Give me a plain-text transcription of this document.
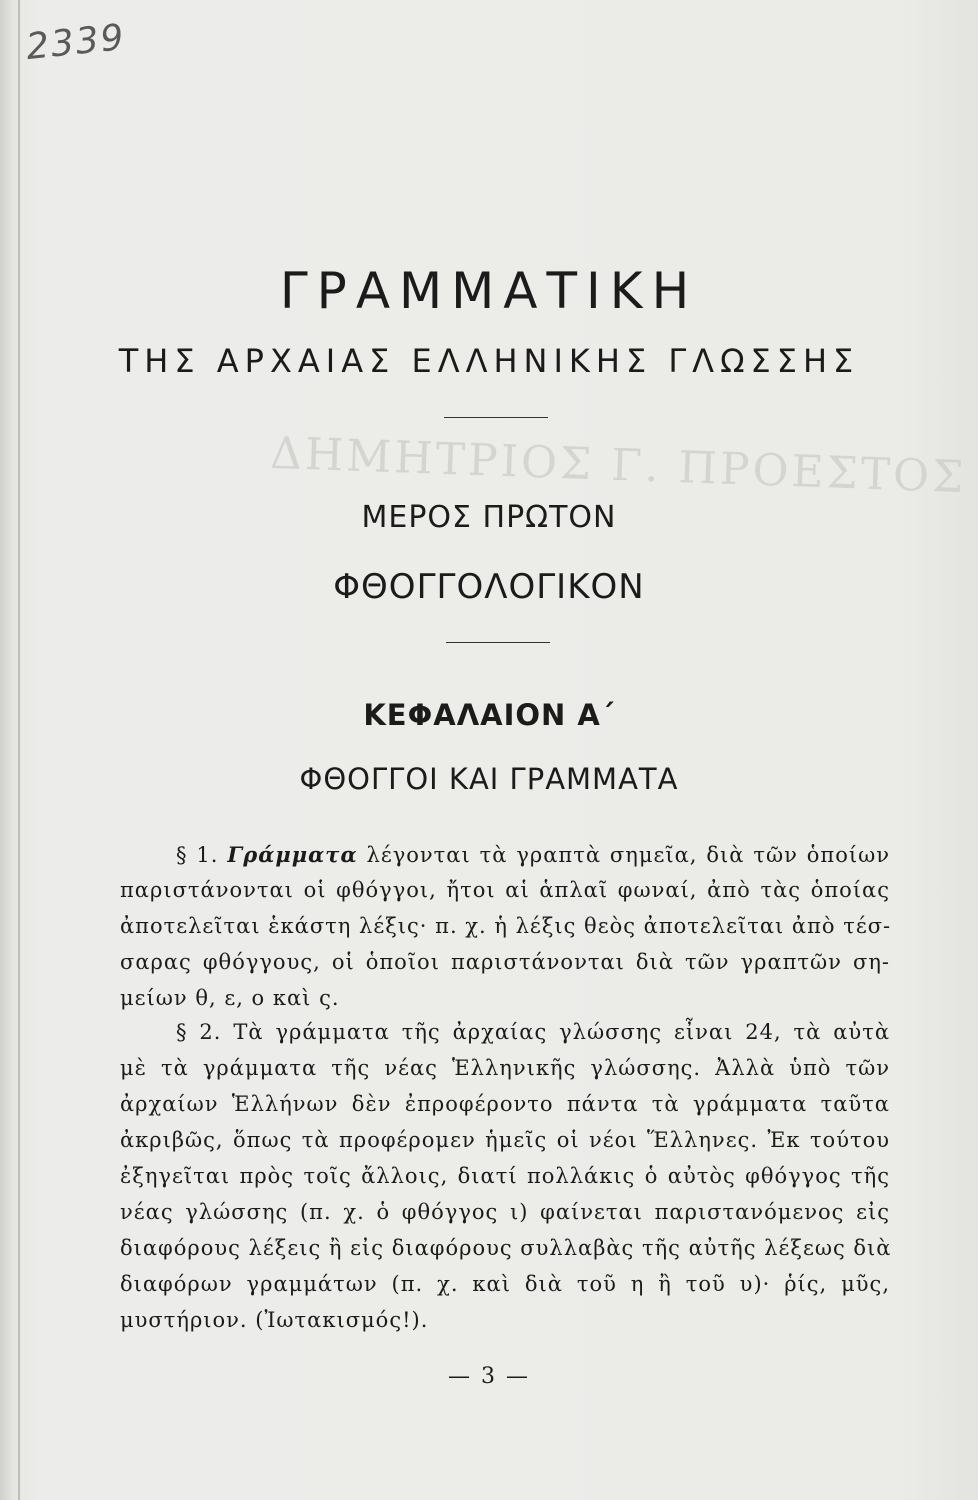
2339
ΔΗΜΗΤΡΙΟΣ Γ. ΠΡΟΕΣΤΟΣ
ΓΡΑΜΜΑΤΙΚΗ
ΤΗΣ ΑΡΧΑΙΑΣ ΕΛΛΗΝΙΚΗΣ ΓΛΩΣΣΗΣ
ΜΕΡΟΣ ΠΡΩΤΟΝ
ΦΘΟΓΓΟΛΟΓΙΚΟΝ
ΚΕΦΑΛΑΙΟΝ Α΄
ΦΘΟΓΓΟΙ ΚΑΙ ΓΡΑΜΜΑΤΑ
§ 1. Γράμματα λέγονται τὰ γραπτὰ σημεῖα, διὰ τῶν ὁποίων
παριστάνονται οἱ φθόγγοι, ἤτοι αἱ ἁπλαῖ φωναί, ἀπὸ τὰς ὁποίας
ἀποτελεῖται ἑκάστη λέξις· π. χ. ἡ λέξις θεὸς ἀποτελεῖται ἀπὸ τέσ-
σαρας φθόγγους, οἱ ὁποῖοι παριστάνονται διὰ τῶν γραπτῶν ση-
μείων θ, ε, ο καὶ ς.
§ 2. Τὰ γράμματα τῆς ἀρχαίας γλώσσης εἶναι 24, τὰ αὐτὰ
μὲ τὰ γράμματα τῆς νέας Ἑλληνικῆς γλώσσης. Ἀλλὰ ὑπὸ τῶν
ἀρχαίων Ἑλλήνων δὲν ἐπροφέροντο πάντα τὰ γράμματα ταῦτα
ἀκριβῶς, ὅπως τὰ προφέρομεν ἡμεῖς οἱ νέοι Ἕλληνες. Ἐκ τούτου
ἐξηγεῖται πρὸς τοῖς ἄλλοις, διατί πολλάκις ὁ αὐτὸς φθόγγος τῆς
νέας γλώσσης (π. χ. ὁ φθόγγος ι) φαίνεται παριστανόμενος εἰς
διαφόρους λέξεις ἢ εἰς διαφόρους συλλαβὰς τῆς αὐτῆς λέξεως διὰ
διαφόρων γραμμάτων (π. χ. καὶ διὰ τοῦ η ἢ τοῦ υ)· ῥίς, μῦς,
μυστήριον. (Ἰωτακισμός!).
— 3 —
